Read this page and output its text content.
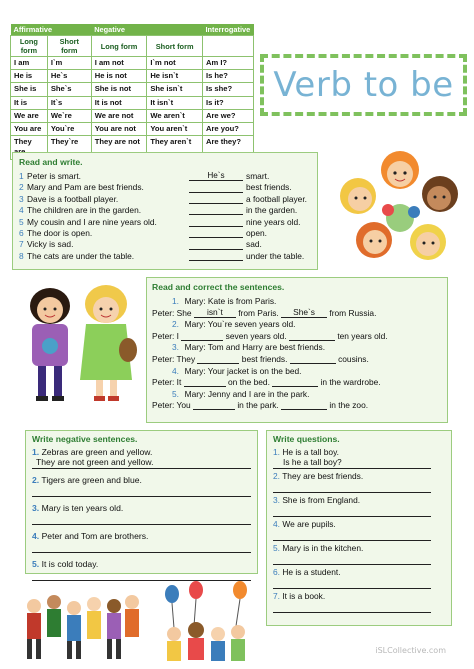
Affirmative		Negative		Interrogative
Long form	Short form	Long form	Short form	
I am	I`m	I am not	I`m not	Am I?
He is	He`s	He is not	He isn`t	Is he?
She is	She`s	She is not	She isn`t	Is she?
It is	It`s	It is not	It isn`t	Is it?
We are	We`re	We are not	We aren`t	Are we?
You are	You`re	You are not	You aren`t	Are you?
They	They`re	They are not	They aren`t	Are they?
Verb to be
Read and write.
1 Peter is smart.	He`s	smart.
2 Mary and Pam are best friends.	best friends.
3 Dave is a football player.	a football player.
4 The children are in the garden.	in the garden.
5 My cousin and I are nine years old.	nine years old.
6 The door is open.	open.
7 Vicky is sad.	sad.
8 The cats are under the table.	under the table.
Read and correct the sentences.
1.
Mary: Kate is from Paris.
Peter: She
	isn`t
	from Paris.
	She`s
	from Russia.
2.
Mary: You`re seven years old.
Peter: I

	seven years old.

	ten years old.
3.
Mary: Tom and Harry are best friends.
Peter: They

	best friends.

	cousins.
4.
Mary: Your jacket is on the bed.
Peter: It

	on the bed.

	in the wardrobe.
5.
Mary: Jenny and I are in the park.
Peter: You

	in the park.

	in the zoo.
Write negative sentences.
1. Zebras are green and yellow.
They are not green and yellow.
2. Tigers are green and blue.
3. Mary is ten years old.
4. Peter and Tom are brothers.
5. It is cold today.
Write questions.
1. He is a tall boy.
Is he a tall boy?
2. They are best friends.
3. She is from England.
4. We are pupils.
5. Mary is in the kitchen.
6. He is a student.
7. It is a book.
iSLCollective.com
